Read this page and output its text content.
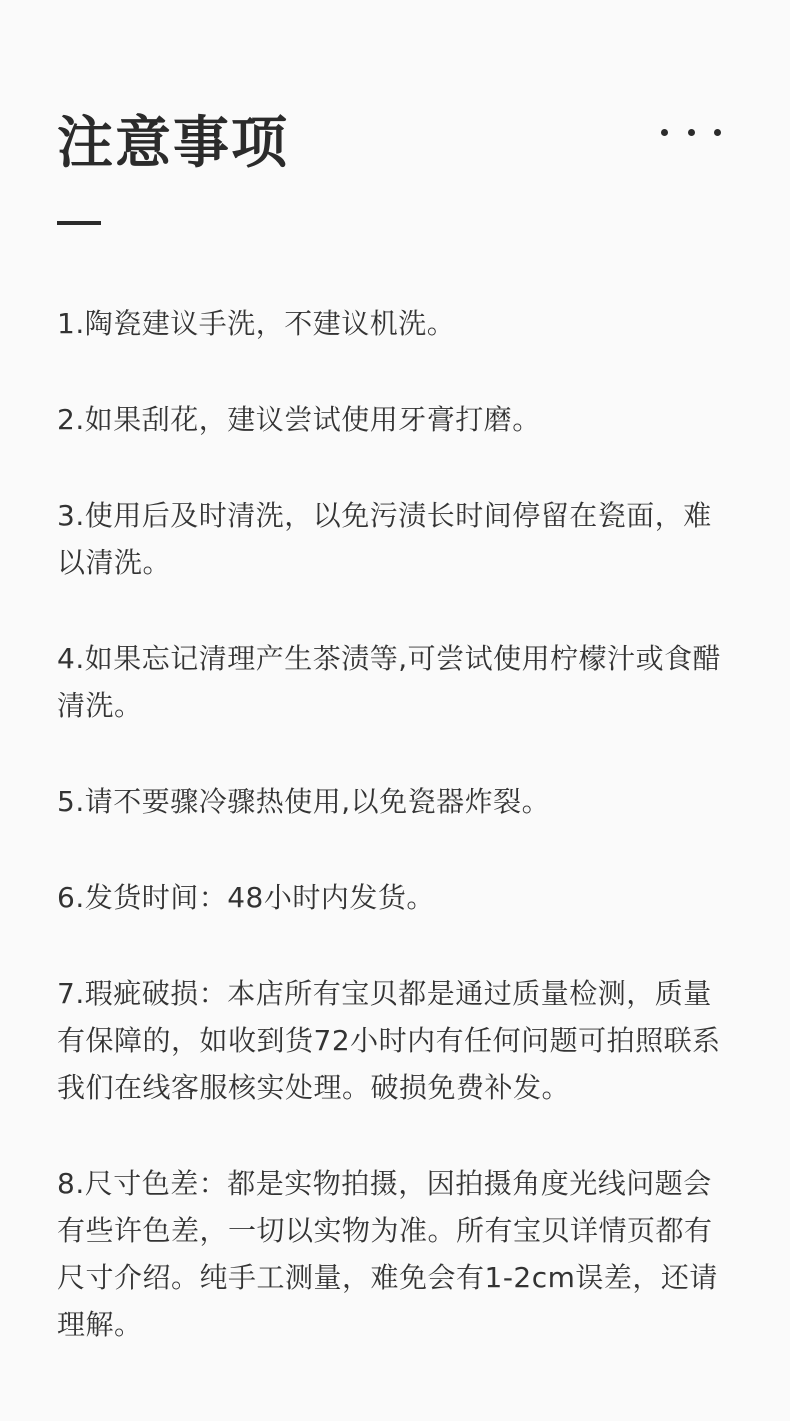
注意事项
1.陶瓷建议手洗，不建议机洗。
2.如果刮花，建议尝试使用牙膏打磨。
3.使用后及时清洗，以免污渍长时间停留在瓷面，难以清洗。
4.如果忘记清理产生茶渍等,可尝试使用柠檬汁或食醋清洗。
5.请不要骤冷骤热使用,以免瓷器炸裂。
6.发货时间：48小时内发货。
7.瑕疵破损：本店所有宝贝都是通过质量检测，质量有保障的，如收到货72小时内有任何问题可拍照联系我们在线客服核实处理。破损免费补发。
8.尺寸色差：都是实物拍摄，因拍摄角度光线问题会有些许色差，一切以实物为准。所有宝贝详情页都有尺寸介绍。纯手工测量，难免会有1-2cm误差，还请理解。
